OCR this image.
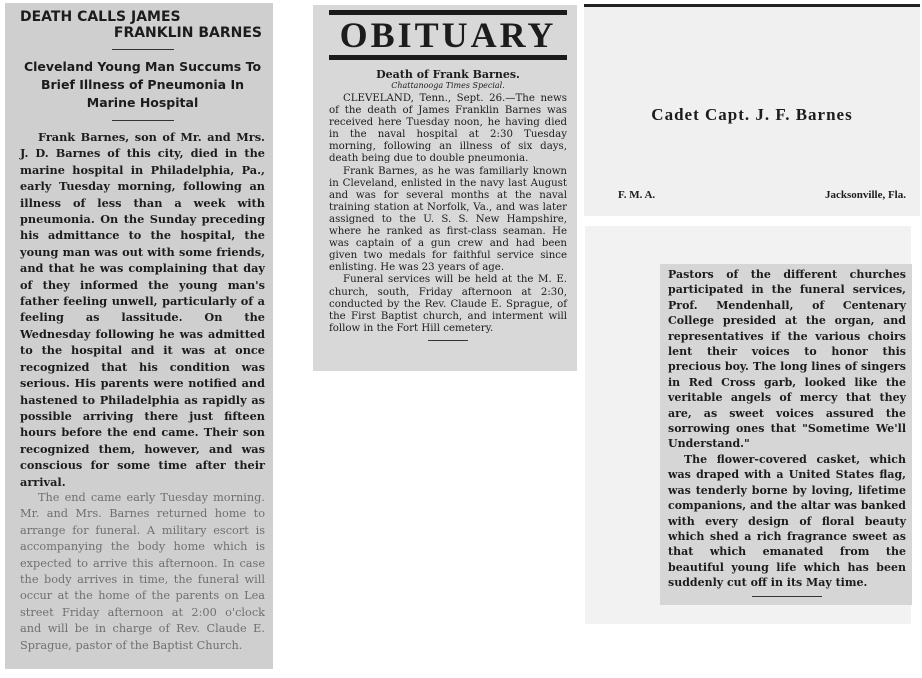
DEATH CALLS JAMES
FRANKLIN BARNES
Cleveland Young Man Succums To Brief Illness of Pneumonia In Marine Hospital

Frank Barnes, son of Mr. and Mrs. J. D. Barnes of this city, died in the marine hospital in Philadelphia, Pa., early Tuesday morning, following an illness of less than a week with pneumonia. On the Sunday preceding his admittance to the hospital, the young man was out with some friends, and that he was complaining that day of they informed the young man's father feeling unwell, particularly of a feeling as lassitude. On the Wednesday following he was admitted to the hospital and it was at once recognized that his condition was serious. His parents were notified and hastened to Philadelphia as rapidly as possible arriving there just fifteen hours before the end came. Their son recognized them, however, and was conscious for some time after their arrival.

The end came early Tuesday morning. Mr. and Mrs. Barnes returned home to arrange for funeral. A military escort is accompanying the body home which is expected to arrive this afternoon. In case the body arrives in time, the funeral will occur at the home of the parents on Lea street Friday afternoon at 2:00 o'clock and will be in charge of Rev. Claude E. Sprague, pastor of the Baptist Church.

OBITUARY
Death of Frank Barnes.
Chattanooga Times Special.

CLEVELAND, Tenn., Sept. 26.—The news of the death of James Franklin Barnes was received here Tuesday noon, he having died in the naval hospital at 2:30 Tuesday morning, following an illness of six days, death being due to double pneumonia.

Frank Barnes, as he was familiarly known in Cleveland, enlisted in the navy last August and was for several months at the naval training station at Norfolk, Va., and was later assigned to the U. S. S. New Hampshire, where he ranked as first-class seaman. He was captain of a gun crew and had been given two medals for faithful service since enlisting. He was 23 years of age.

Funeral services will be held at the M. E. church, south, Friday afternoon at 2:30, conducted by the Rev. Claude E. Sprague, of the First Baptist church, and interment will follow in the Fort Hill cemetery.

Cadet Capt. J. F. Barnes
F. M. A.	Jacksonville, Fla.

Pastors of the different churches participated in the funeral services, Prof. Mendenhall, of Centenary College presided at the organ, and representatives if the various choirs lent their voices to honor this precious boy. The long lines of singers in Red Cross garb, looked like the veritable angels of mercy that they are, as sweet voices assured the sorrowing ones that "Sometime We'll Understand."

The flower-covered casket, which was draped with a United States flag, was tenderly borne by loving, lifetime companions, and the altar was banked with every design of floral beauty which shed a rich fragrance sweet as that which emanated from the beautiful young life which has been suddenly cut off in its May time.
